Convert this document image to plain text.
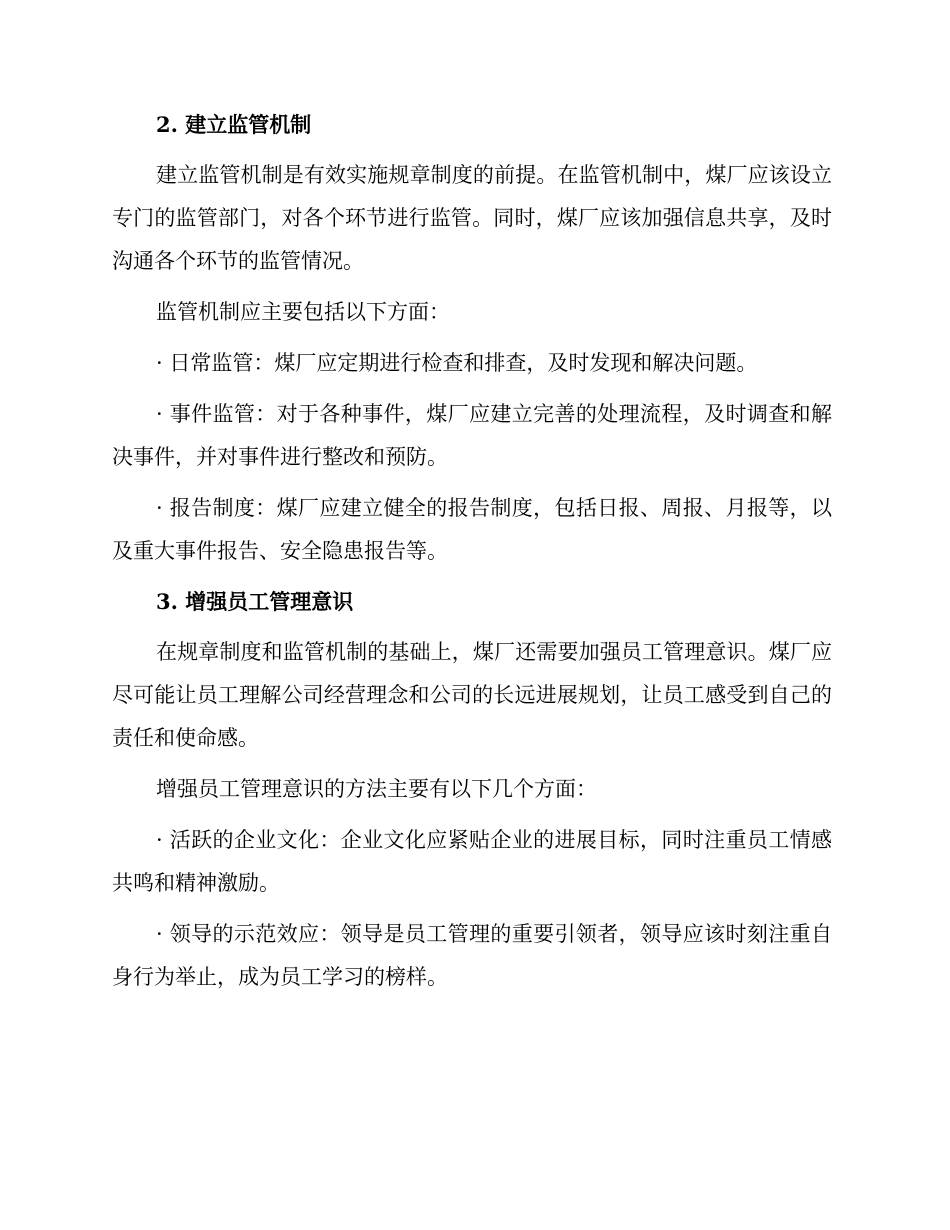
2. 建立监管机制

建立监管机制是有效实施规章制度的前提。在监管机制中，煤厂应该设立专门的监管部门，对各个环节进行监管。同时，煤厂应该加强信息共享，及时沟通各个环节的监管情况。

监管机制应主要包括以下方面：

· 日常监管：煤厂应定期进行检查和排查，及时发现和解决问题。

· 事件监管：对于各种事件，煤厂应建立完善的处理流程，及时调查和解决事件，并对事件进行整改和预防。

· 报告制度：煤厂应建立健全的报告制度，包括日报、周报、月报等，以及重大事件报告、安全隐患报告等。

3. 增强员工管理意识

在规章制度和监管机制的基础上，煤厂还需要加强员工管理意识。煤厂应尽可能让员工理解公司经营理念和公司的长远进展规划，让员工感受到自己的责任和使命感。

增强员工管理意识的方法主要有以下几个方面：

· 活跃的企业文化：企业文化应紧贴企业的进展目标，同时注重员工情感共鸣和精神激励。

· 领导的示范效应：领导是员工管理的重要引领者，领导应该时刻注重自身行为举止，成为员工学习的榜样。
